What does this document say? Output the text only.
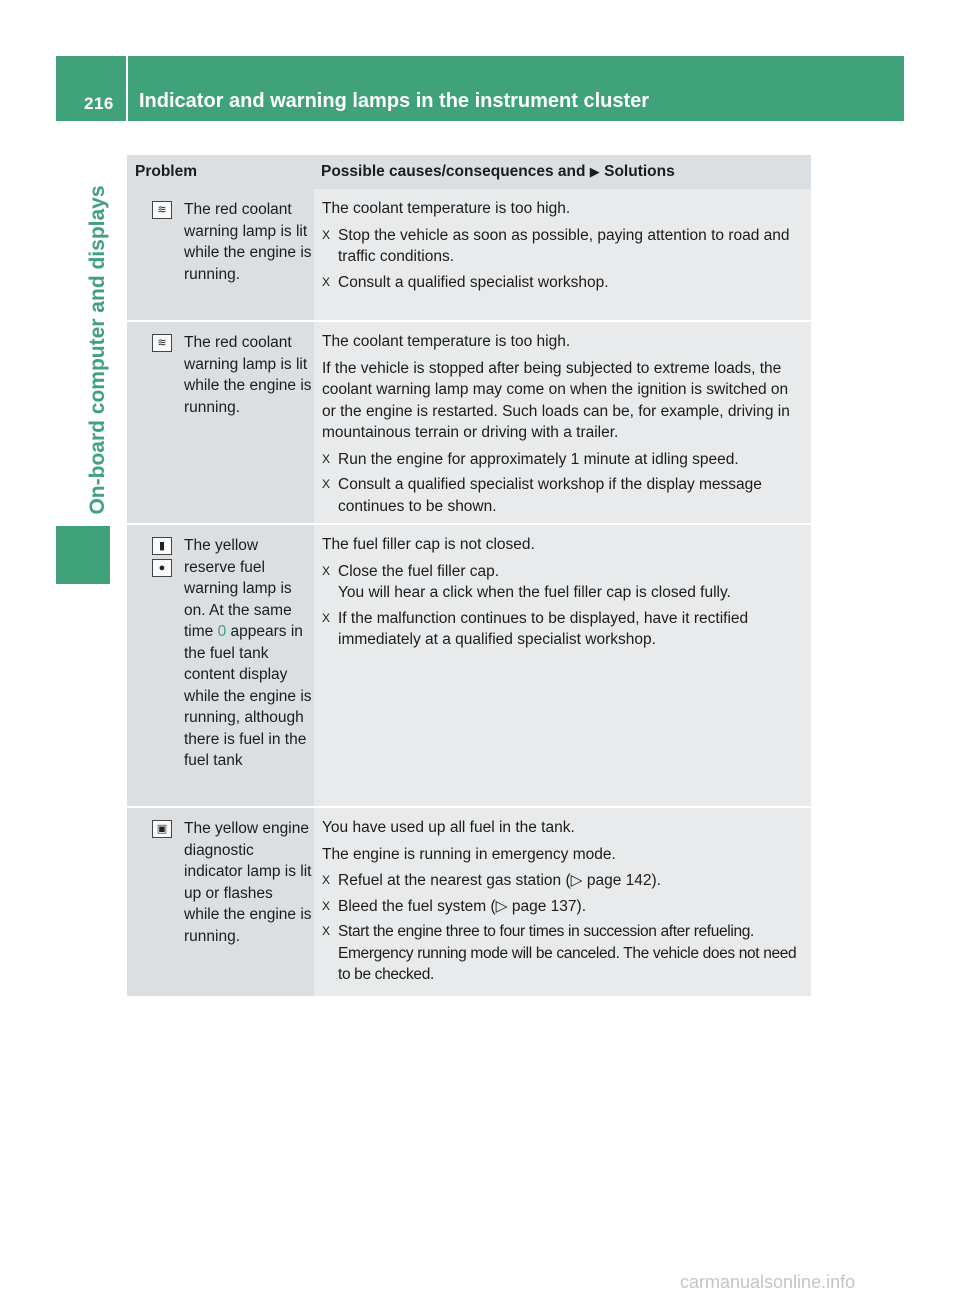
216 Indicator and warning lamps in the instrument cluster
On-board computer and displays
Problem	Possible causes/consequences and ▶ Solutions
≋	The red coolant warning lamp is lit while the engine is running.

The coolant temperature is too high.

X Stop the vehicle as soon as possible, paying attention to road and traffic conditions.
X Consult a qualified specialist workshop.
≋	The red coolant warning lamp is lit while the engine is running.

The coolant temperature is too high.

If the vehicle is stopped after being subjected to extreme loads, the coolant warning lamp may come on when the ignition is switched on or the engine is restarted. Such loads can be, for example, driving in mountainous terrain or driving with a trailer.

X Run the engine for approximately 1 minute at idling speed.
X Consult a qualified specialist workshop if the display message continues to be shown.
▮
●
The yellow reserve fuel warning lamp is on. At the same time 0 appears in the fuel tank content display while the engine is running, although there is fuel in the fuel tank

The fuel filler cap is not closed.

X Close the fuel filler cap.
You will hear a click when the fuel filler cap is closed fully.
X If the malfunction continues to be displayed, have it rectified immediately at a qualified specialist workshop.
▣	The yellow engine diagnostic indicator lamp is lit up or flashes while the engine is running.

You have used up all fuel in the tank.

The engine is running in emergency mode.

X Refuel at the nearest gas station (▷ page 142).
X Bleed the fuel system (▷ page 137).
X Start the engine three to four times in succession after refueling. Emergency running mode will be canceled. The vehicle does not need to be checked.
carmanualsonline.info
